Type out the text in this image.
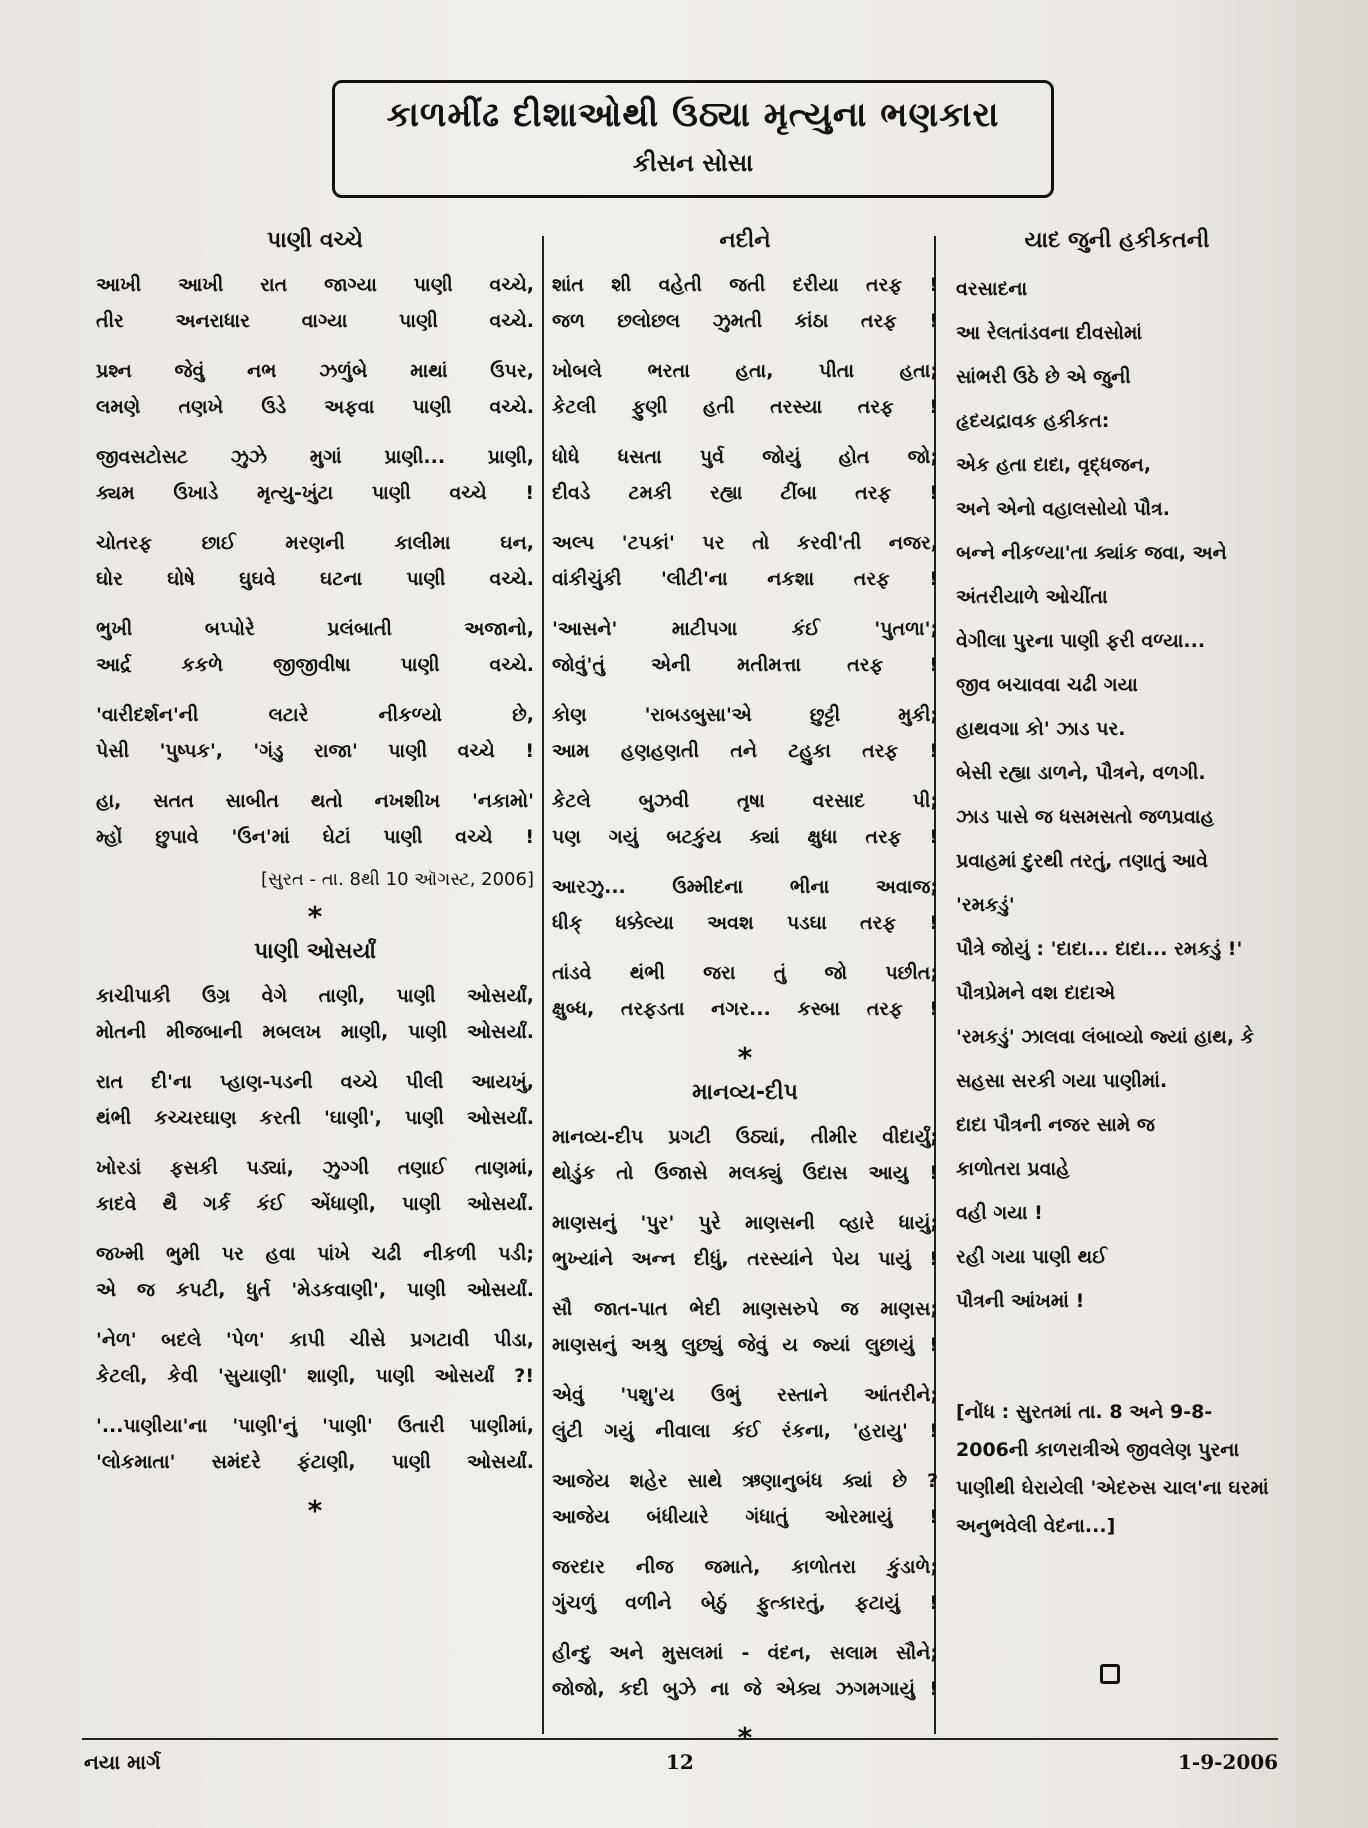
કાળમીંઢ દીશાઓથી ઉઠ્યા મૃત્યુના ભણકારા
કીસન સોસા
પાણી વચ્ચે
આખી આખી રાત જાગ્યા પાણી વચ્ચે,
તીર અનરાધાર વાગ્યા પાણી વચ્ચે.
પ્રશ્ન જેવું નભ ઝળુંબે માથાં ઉપર,
લમણે તણખે ઉડે અફવા પાણી વચ્ચે.
જીવસટોસટ ઝુઝે મુગાં પ્રાણી... પ્રાણી,
ક્યમ ઉખાડે મૃત્યુ-ખુંટા પાણી વચ્ચે !
ચોતરફ છાઈ મરણની કાલીમા ઘન,
ઘોર ઘોષે ઘુઘવે ઘટના પાણી વચ્ચે.
ભુખી બપ્પોરે પ્રલંબાતી અજાનો,
આર્દ્ર કકળે જીજીવીષા પાણી વચ્ચે.
'વારીદર્શન'ની લટારે નીકળ્યો છે,
પેસી 'પુષ્પક', 'ગંડુ રાજા' પાણી વચ્ચે !
હા, સતત સાબીત થતો નખશીખ 'નકામો'
મ્હોં છુપાવે 'ઉન'માં ઘેટાં પાણી વચ્ચે !
[સુરત - તા. 8થી 10 ઑગસ્ટ, 2006]
*
પાણી ઓસર્યાં
કાચીપાકી ઉગ્ર વેગે તાણી, પાણી ઓસર્યાં,
મોતની મીજબાની મબલખ માણી, પાણી ઓસર્યાં.
રાત દી'ના પ્હાણ-પડની વચ્ચે પીલી આયખું,
થંભી કચ્ચરઘાણ કરતી 'ઘાણી', પાણી ઓસર્યાં.
ખોરડાં ફસકી પડ્યાં, ઝુગ્ગી તણાઈ તાણમાં,
કાદવે થૈ ગર્ક કંઈ એંધાણી, પાણી ઓસર્યાં.
જખ્મી ભુમી પર હવા પાંખે ચઢી નીકળી પડી;
એ જ કપટી, ધુર્ત 'મેડકવાણી', પાણી ઓસર્યાં.
'નેળ' બદલે 'પેળ' કાપી ચીસે પ્રગટાવી પીડા,
કેટલી, કેવી 'સુયાણી' શાણી, પાણી ઓસર્યાં ?!
'...પાણીયા'ના 'પાણી'નું 'પાણી' ઉતારી પાણીમાં,
'લોકમાતા' સમંદરે ફંટાણી, પાણી ઓસર્યાં.
*
નદીને
શાંત શી વહેતી જતી દરીયા તરફ !
જળ છલોછલ ઝુમતી કાંઠા તરફ !
ખોબલે ભરતા હતા, પીતા હતા;
કેટલી ફુણી હતી તરસ્યા તરફ !
ધોધે ધસતા પુર્વ જોયું હોત જો;
દીવડે ટમકી રહ્યા ટીંબા તરફ !
અલ્પ 'ટપકાં' પર તો કરવી'તી નજર,
વાંકીચુંકી 'લીટી'ના નકશા તરફ !
'આસને' માટીપગા કંઈ 'પુતળા';
જોવું'તું એની મતીમત્તા તરફ !
કોણ 'રાબડબુસા'એ છુટ્ટી મુકી;
આમ હણહણતી તને ટહુકા તરફ !
કેટલે બુઝવી તૃષા વરસાદ પી;
પણ ગયું બટકુંય ક્યાં ક્ષુધા તરફ !
આરઝુ... ઉમ્મીદના ભીના અવાજ;
ધીક્ ધક્કેલ્યા અવશ પડઘા તરફ !
તાંડવે થંભી જરા તું જો પછીત;
ક્ષુબ્ધ, તરફડતા નગર... કસ્બા તરફ !
*
માનવ્ય-દીપ
માનવ્ય-દીપ પ્રગટી ઉઠ્યાં, તીમીર વીદાર્યું;
થોડુંક તો ઉજાસે મલક્યું ઉદાસ આયુ !
માણસનું 'પુર' પુરે માણસની વ્હારે ધાયું;
ભુખ્યાંને અન્ન દીધું, તરસ્યાંને પેય પાયું !
સૌ જાત-પાત ભેદી માણસરુપે જ માણસ;
માણસનું અશ્રુ લુછ્યું જેવું ય જ્યાં લુછાયું !
એવું 'પશુ'ય ઉભું રસ્તાને આંતરીને;
લુંટી ગયું નીવાલા કંઈ રંકના, 'હરાયુ' !
આજેય શહેર સાથે ઋણાનુબંધ ક્યાં છે ?
આજેય બંધીયારે ગંધાતું ઓરમાયું !
જરદાર નીજ જમાતે, કાળોતરા કુંડાળે;
ગુંચળું વળીને બેઠું ફુત્કારતું, ફટાયું !
હીન્દુ અને મુસલમાં - વંદન, સલામ સૌને;
જોજો, કદી બુઝે ના જે એક્ય ઝગમગાયું !
યાદ જુની હકીકતની
વરસાદના
આ રેલતાંડવના દીવસોમાં
સાંભરી ઉઠે છે એ જુની
હૃદયદ્રાવક હકીકત:
એક હતા દાદા, વૃદ્ધજન,
અને એનો વહાલસોયો પૌત્ર.
બન્ને નીકળ્યા'તા ક્યાંક જવા, અને
અંતરીયાળે ઓચીંતા
વેગીલા પુરના પાણી ફરી વળ્યા...
જીવ બચાવવા ચઢી ગયા
હાથવગા કો' ઝાડ પર.
બેસી રહ્યા ડાળને, પૌત્રને, વળગી.
ઝાડ પાસે જ ધસમસતો જળપ્રવાહ
પ્રવાહમાં દુરથી તરતું, તણાતું આવે
'રમકડું'
પૌત્રે જોયું : 'દાદા... દાદા... રમકડું !'
પૌત્રપ્રેમને વશ દાદાએ
'રમકડું' ઝાલવા લંબાવ્યો જ્યાં હાથ, કે
સહસા સરકી ગયા પાણીમાં.
દાદા પૌત્રની નજર સામે જ
કાળોતરા પ્રવાહે
વહી ગયા !
રહી ગયા પાણી થઈ
પૌત્રની આંખમાં !
[નોંધ : સુરતમાં તા. 8 અને 9-8-2006ની કાળરાત્રીએ જીવલેણ પુરના પાણીથી ઘેરાયેલી 'એદરુસ ચાલ'ના ઘરમાં અનુભવેલી વેદના...]
નયા માર્ગ	12	1-9-2006
